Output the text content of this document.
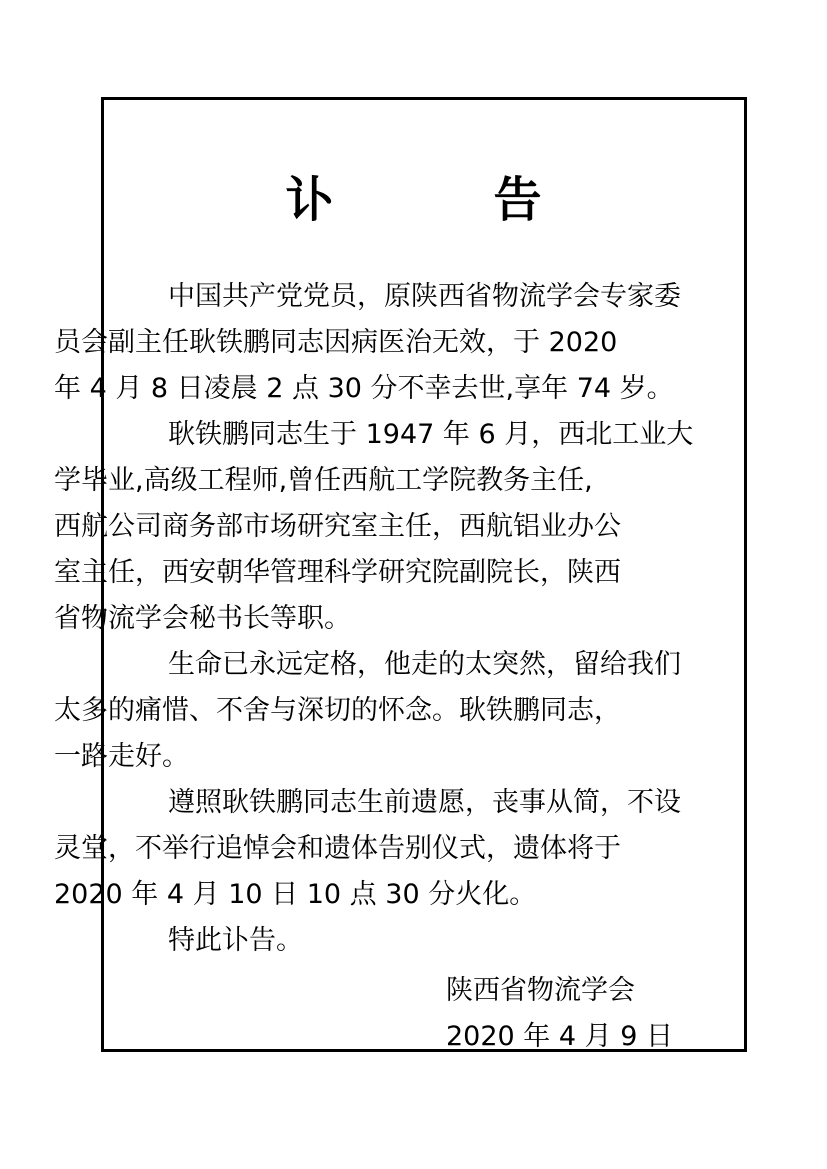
讣　告

中国共产党党员，原陕西省物流学会专家委
员会副主任耿铁鹏同志因病医治无效，于 2020
年 4 月 8 日凌晨 2 点 30 分不幸去世,享年 74 岁。

耿铁鹏同志生于 1947 年 6 月，西北工业大
学毕业,高级工程师,曾任西航工学院教务主任,
西航公司商务部市场研究室主任，西航铝业办公
室主任，西安朝华管理科学研究院副院长，陕西
省物流学会秘书长等职。

生命已永远定格，他走的太突然，留给我们
太多的痛惜、不舍与深切的怀念。耿铁鹏同志，
一路走好。

遵照耿铁鹏同志生前遗愿，丧事从简，不设
灵堂，不举行追悼会和遗体告别仪式，遗体将于
2020 年 4 月 10 日 10 点 30 分火化。

特此讣告。

陕西省物流学会
2020 年 4 月 9 日
